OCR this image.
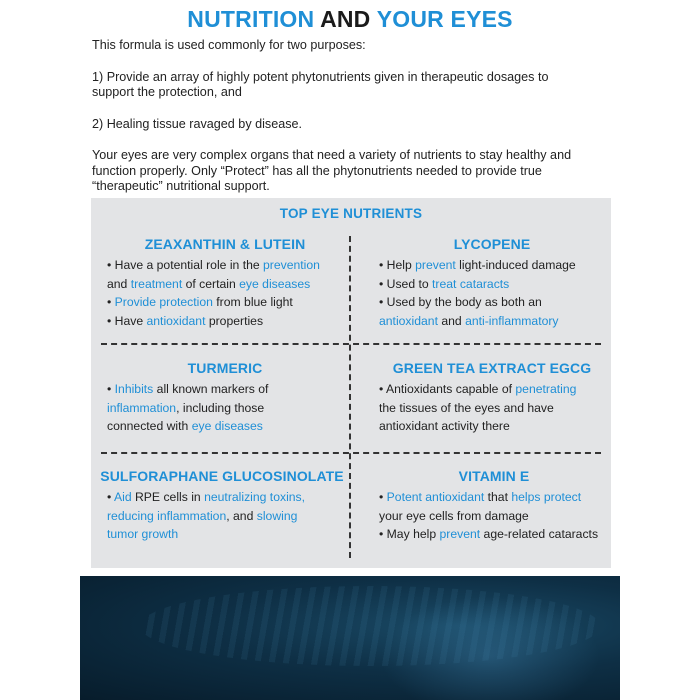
NUTRITION AND YOUR EYES

This formula is used commonly for two purposes:

1) Provide an array of highly potent phytonutrients given in therapeutic dosages to support the protection, and

2) Healing tissue ravaged by disease.

Your eyes are very complex organs that need a variety of nutrients to stay healthy and function properly. Only “Protect” has all the phytonutrients needed to provide true “therapeutic” nutritional support.

TOP EYE NUTRIENTS
ZEAXANTHIN & LUTEIN
• Have a potential role in the prevention
and treatment of certain eye diseases
• Provide protection from blue light
• Have antioxidant properties
LYCOPENE
• Help prevent light-induced damage
• Used to treat cataracts
• Used by the body as both an
antioxidant and anti-inflammatory
TURMERIC
• Inhibits all known markers of
inflammation, including those
connected with eye diseases
GREEN TEA EXTRACT EGCG
• Antioxidants capable of penetrating
the tissues of the eyes and have
antioxidant activity there
SULFORAPHANE GLUCOSINOLATE
• Aid RPE cells in neutralizing toxins,
reducing inflammation, and slowing
tumor growth
VITAMIN E
• Potent antioxidant that helps protect
your eye cells from damage
• May help prevent age-related cataracts
